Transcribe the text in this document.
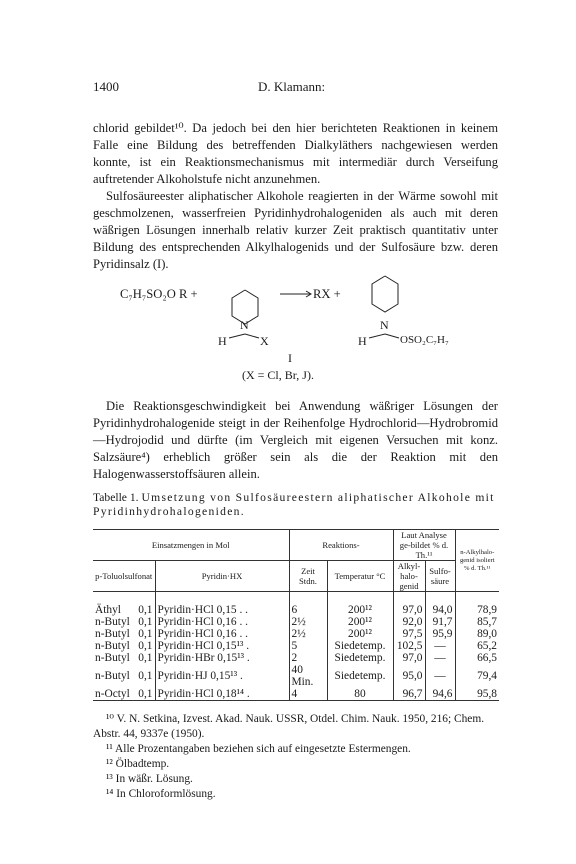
1400	D. Klamann:
chlorid gebildet¹⁰. Da jedoch bei den hier berichteten Reaktionen in keinem Falle eine Bildung des betreffenden Dialkyläthers nachgewiesen werden konnte, ist ein Reaktionsmechanismus mit intermediär durch Verseifung auftretender Alkoholstufe nicht anzunehmen.
Sulfosäureester aliphatischer Alkohole reagierten in der Wärme sowohl mit geschmolzenen, wasserfreien Pyridinhydrohalogeniden als auch mit deren wäßrigen Lösungen innerhalb relativ kurzer Zeit praktisch quantitativ unter Bildung des entsprechenden Alkylhalogenids und der Sulfosäure bzw. deren Pyridinsalz (I).
C₇H₇SO₂O R +
N
H	X
RX +
N
H	OSO₂C₇H₇
I
(X = Cl, Br, J).
Die Reaktionsgeschwindigkeit bei Anwendung wäßriger Lösungen der Pyridinhydrohalogenide steigt in der Reihenfolge Hydrochlorid—Hydrobromid—Hydrojodid und dürfte (im Vergleich mit eigenen Versuchen mit konz. Salzsäure⁴) erheblich größer sein als die der Reaktion mit den Halogenwasserstoffsäuren allein.
Tabelle 1. Umsetzung von Sulfosäureestern aliphatischer Alkohole mit Pyridinhydrohalogeniden.
Einsatzmengen in Mol		Reaktions-		Laut Analyse ge-bildet % d. Th.¹¹		n-Alkylhalo-genid isoliert % d. Th.¹¹
p-Toluolsulfonat	Pyridin·HX	Zeit Stdn.	Temperatur °C	Alkyl-halo-genid	Sulfo-säure	

Äthyl 0,1	Pyridin·HCl 0,15 . .	6	200¹²	97,0	94,0	78,9
n-Butyl 0,1	Pyridin·HCl 0,16 . .	2½	200¹²	92,0	91,7	85,7
n-Butyl 0,1	Pyridin·HCl 0,16 . .	2½	200¹²	97,5	95,9	89,0
n-Butyl 0,1	Pyridin·HCl 0,15¹³ .	5	Siedetemp.	102,5	—	65,2
n-Butyl 0,1	Pyridin·HBr 0,15¹³ .	2	Siedetemp.	97,0	—	66,5
n-Butyl 0,1	Pyridin·HJ 0,15¹³ .	40 Min.	Siedetemp.	95,0	—	79,4
n-Octyl 0,1	Pyridin·HCl 0,18¹⁴ .	4	80	96,7	94,6	95,8
¹⁰ V. N. Setkina, Izvest. Akad. Nauk. USSR, Otdel. Chim. Nauk. 1950, 216; Chem. Abstr. 44, 9337e (1950).
¹¹ Alle Prozentangaben beziehen sich auf eingesetzte Estermengen.
¹² Ölbadtemp.
¹³ In wäßr. Lösung.
¹⁴ In Chloroformlösung.
